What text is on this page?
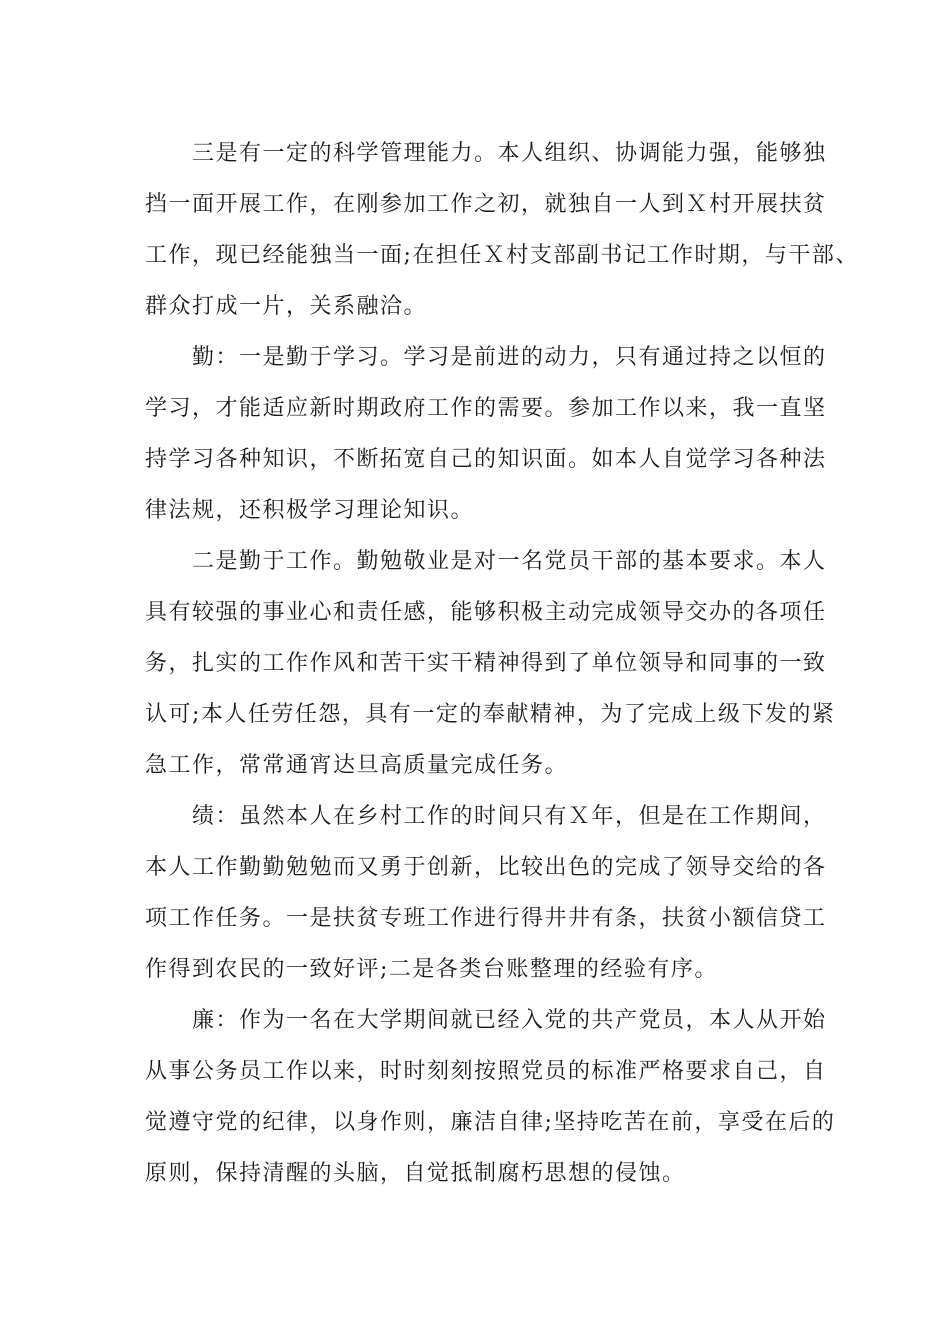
　　三是有一定的科学管理能力。本人组织、协调能力强，能够独
挡一面开展工作，在刚参加工作之初，就独自一人到Ｘ村开展扶贫
工作，现已经能独当一面;在担任Ｘ村支部副书记工作时期，与干部、
群众打成一片，关系融洽。
　　勤：一是勤于学习。学习是前进的动力，只有通过持之以恒的
学习，才能适应新时期政府工作的需要。参加工作以来，我一直坚
持学习各种知识，不断拓宽自己的知识面。如本人自觉学习各种法
律法规，还积极学习理论知识。
　　二是勤于工作。勤勉敬业是对一名党员干部的基本要求。本人
具有较强的事业心和责任感，能够积极主动完成领导交办的各项任
务，扎实的工作作风和苦干实干精神得到了单位领导和同事的一致
认可;本人任劳任怨，具有一定的奉献精神，为了完成上级下发的紧
急工作，常常通宵达旦高质量完成任务。
　　绩：虽然本人在乡村工作的时间只有Ｘ年，但是在工作期间，
本人工作勤勤勉勉而又勇于创新，比较出色的完成了领导交给的各
项工作任务。一是扶贫专班工作进行得井井有条，扶贫小额信贷工
作得到农民的一致好评;二是各类台账整理的经验有序。
　　廉：作为一名在大学期间就已经入党的共产党员，本人从开始
从事公务员工作以来，时时刻刻按照党员的标准严格要求自己，自
觉遵守党的纪律，以身作则，廉洁自律;坚持吃苦在前，享受在后的
原则，保持清醒的头脑，自觉抵制腐朽思想的侵蚀。
